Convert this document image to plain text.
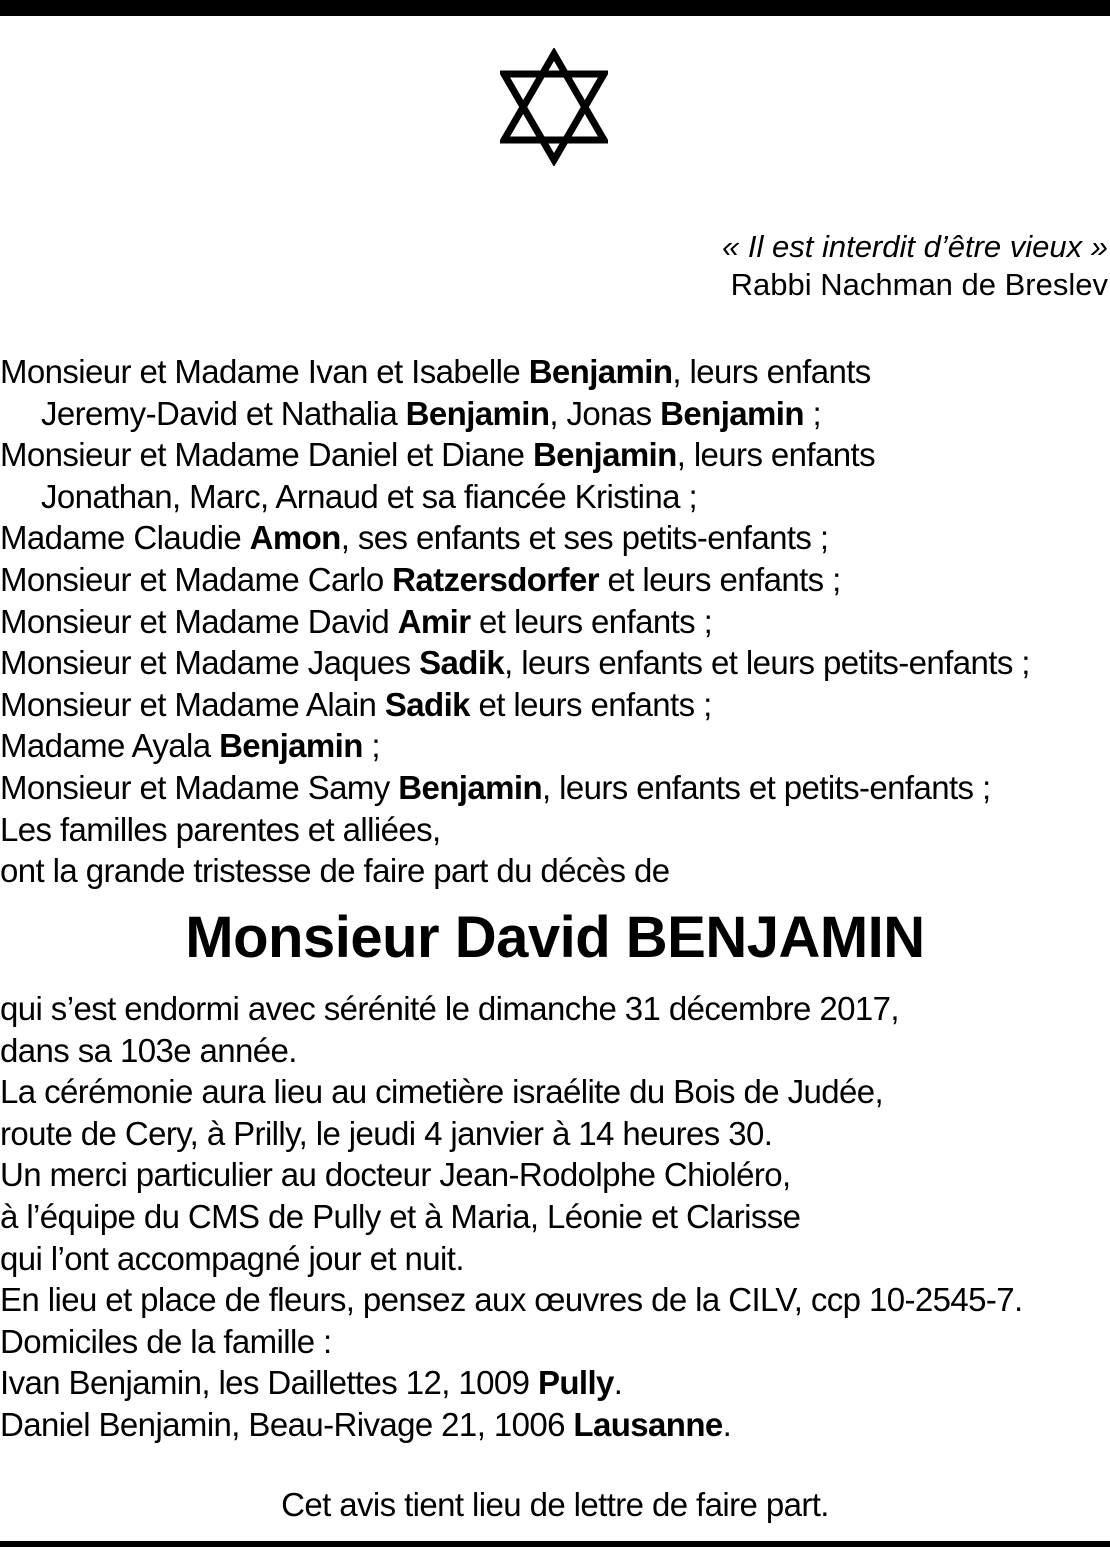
« Il est interdit d’être vieux »
Rabbi Nachman de Breslev
Monsieur et Madame Ivan et Isabelle Benjamin, leurs enfants
Jeremy-David et Nathalia Benjamin, Jonas Benjamin ;
Monsieur et Madame Daniel et Diane Benjamin, leurs enfants
Jonathan, Marc, Arnaud et sa fiancée Kristina ;
Madame Claudie Amon, ses enfants et ses petits-enfants ;
Monsieur et Madame Carlo Ratzersdorfer et leurs enfants ;
Monsieur et Madame David Amir et leurs enfants ;
Monsieur et Madame Jaques Sadik, leurs enfants et leurs petits-enfants ;
Monsieur et Madame Alain Sadik et leurs enfants ;
Madame Ayala Benjamin ;
Monsieur et Madame Samy Benjamin, leurs enfants et petits-enfants ;
Les familles parentes et alliées,
ont la grande tristesse de faire part du décès de
Monsieur David BENJAMIN
qui s’est endormi avec sérénité le dimanche 31 décembre 2017,
dans sa 103e année.
La cérémonie aura lieu au cimetière israélite du Bois de Judée,
route de Cery, à Prilly, le jeudi 4 janvier à 14 heures 30.
Un merci particulier au docteur Jean-Rodolphe Chioléro,
à l’équipe du CMS de Pully et à Maria, Léonie et Clarisse
qui l’ont accompagné jour et nuit.
En lieu et place de fleurs, pensez aux œuvres de la CILV, ccp 10-2545-7.
Domiciles de la famille :
Ivan Benjamin, les Daillettes 12, 1009 Pully.
Daniel Benjamin, Beau-Rivage 21, 1006 Lausanne.
Cet avis tient lieu de lettre de faire part.
